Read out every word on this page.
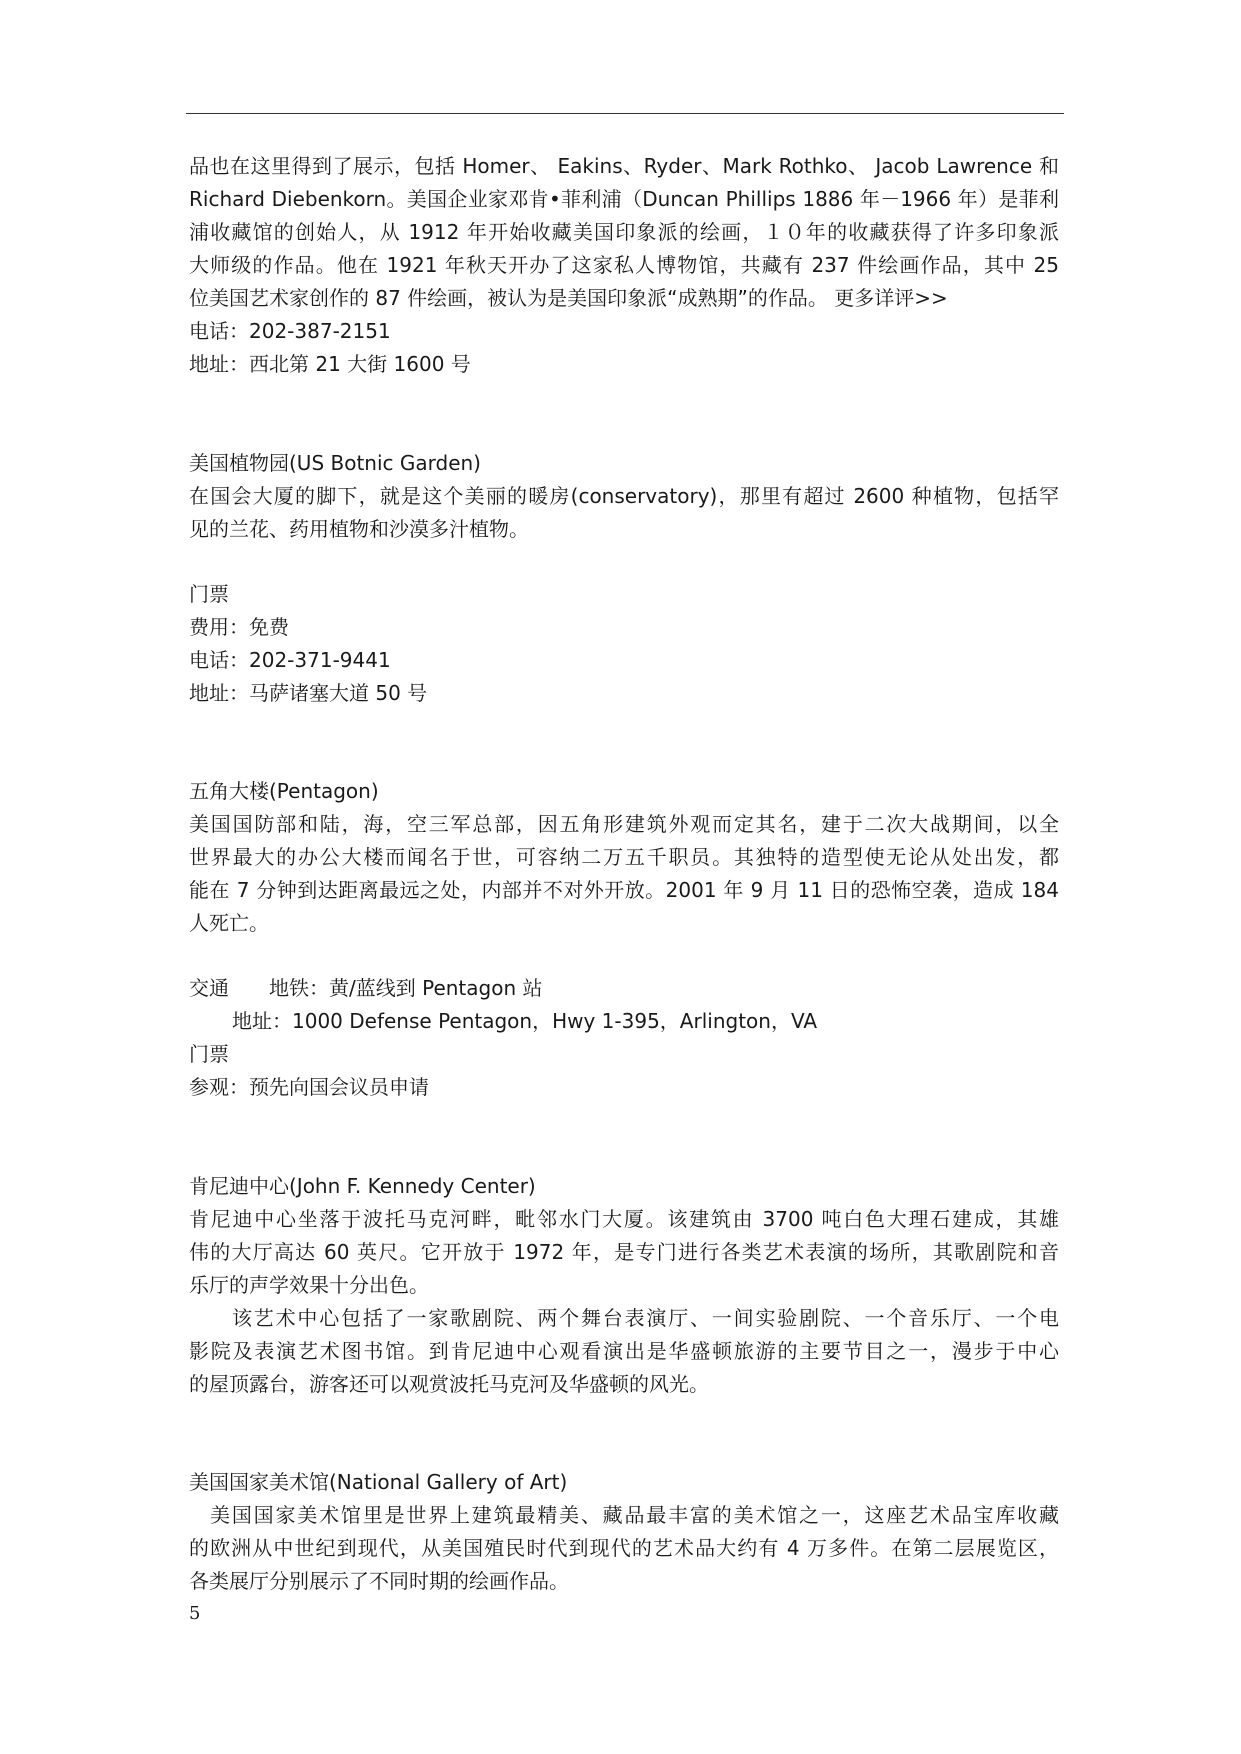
品也在这里得到了展示，包括 Homer、 Eakins、Ryder、Mark Rothko、 Jacob Lawrence 和
Richard Diebenkorn。美国企业家邓肯•菲利浦（Duncan Phillips 1886 年－1966 年）是菲利
浦收藏馆的创始人，从 1912 年开始收藏美国印象派的绘画，１０年的收藏获得了许多印象派
大师级的作品。他在 1921 年秋天开办了这家私人博物馆，共藏有 237 件绘画作品，其中 25
位美国艺术家创作的 87 件绘画，被认为是美国印象派“成熟期”的作品。 更多详评>>
电话：202-387-2151
地址：西北第 21 大街 1600 号
美国植物园(US Botnic Garden)
在国会大厦的脚下，就是这个美丽的暖房(conservatory)，那里有超过 2600 种植物，包括罕
见的兰花、药用植物和沙漠多汁植物。
门票
费用：免费
电话：202-371-9441
地址：马萨诸塞大道 50 号
五角大楼(Pentagon)
美国国防部和陆，海，空三军总部，因五角形建筑外观而定其名，建于二次大战期间，以全
世界最大的办公大楼而闻名于世，可容纳二万五千职员。其独特的造型使无论从处出发，都
能在 7 分钟到达距离最远之处，内部并不对外开放。2001 年 9 月 11 日的恐怖空袭，造成 184
人死亡。
交通　　地铁：黄/蓝线到 Pentagon 站
地址：1000 Defense Pentagon，Hwy 1-395，Arlington，VA
门票
参观：预先向国会议员申请
肯尼迪中心(John F. Kennedy Center)
肯尼迪中心坐落于波托马克河畔，毗邻水门大厦。该建筑由 3700 吨白色大理石建成，其雄
伟的大厅高达 60 英尺。它开放于 1972 年，是专门进行各类艺术表演的场所，其歌剧院和音
乐厅的声学效果十分出色。
该艺术中心包括了一家歌剧院、两个舞台表演厅、一间实验剧院、一个音乐厅、一个电
影院及表演艺术图书馆。到肯尼迪中心观看演出是华盛顿旅游的主要节目之一，漫步于中心
的屋顶露台，游客还可以观赏波托马克河及华盛顿的风光。
美国国家美术馆(National Gallery of Art)
美国国家美术馆里是世界上建筑最精美、藏品最丰富的美术馆之一，这座艺术品宝库收藏
的欧洲从中世纪到现代，从美国殖民时代到现代的艺术品大约有 4 万多件。在第二层展览区，
各类展厅分别展示了不同时期的绘画作品。
5
